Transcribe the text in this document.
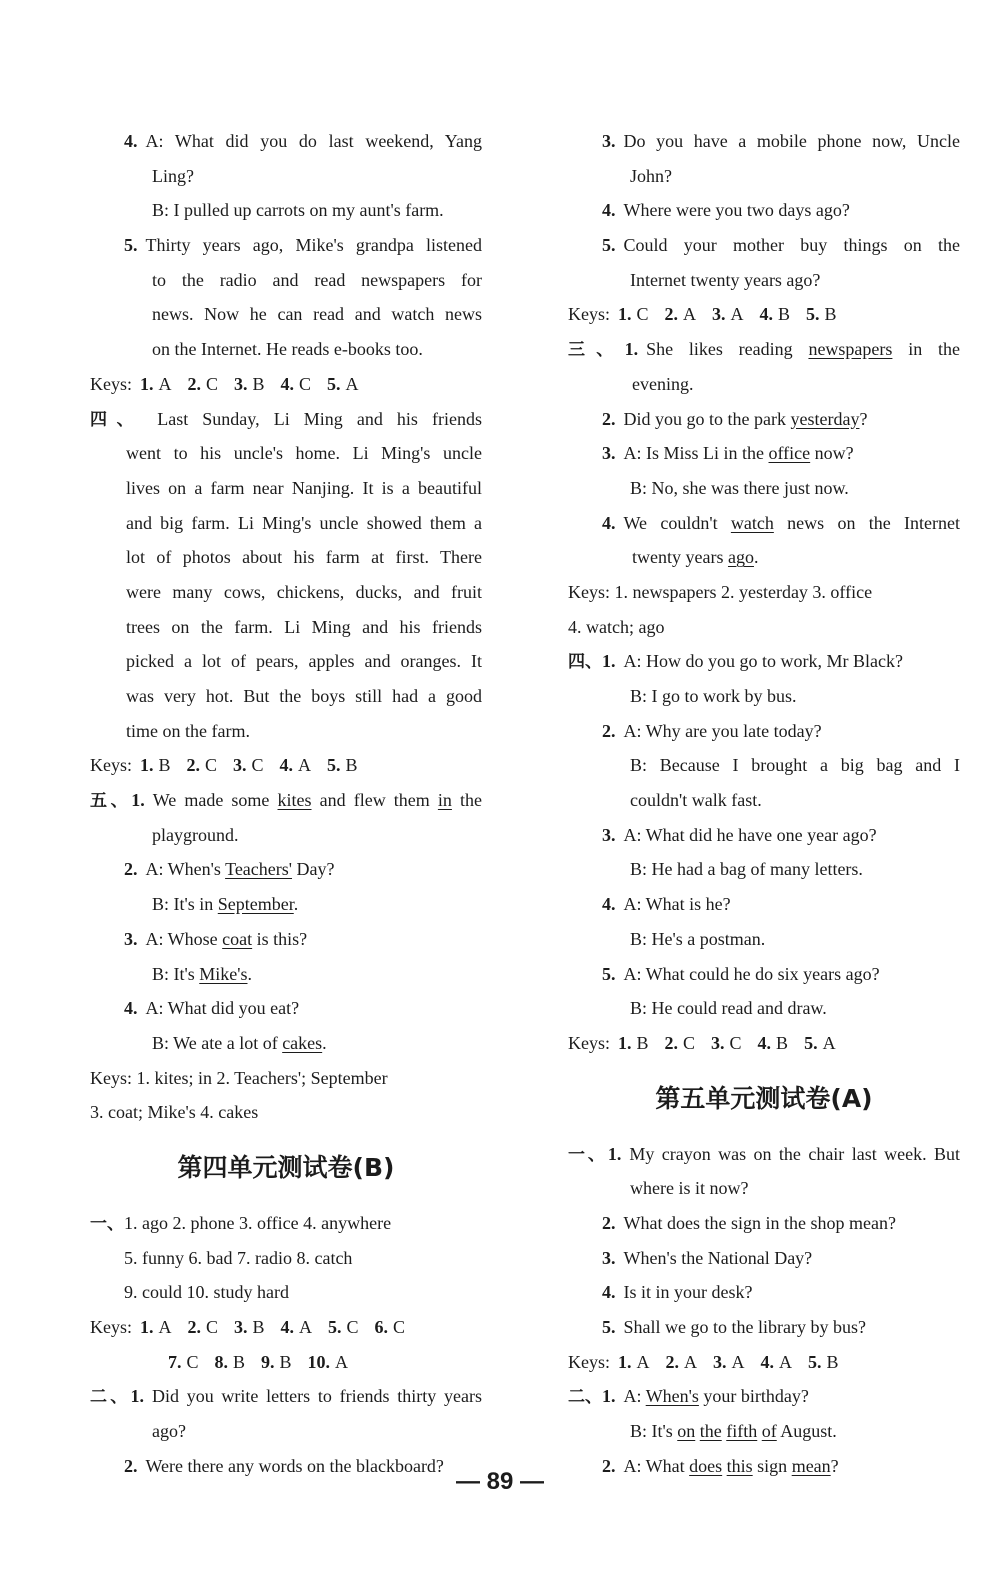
4. A: What did you do last weekend, Yang
Ling?
B: I pulled up carrots on my aunt's farm.
5. Thirty years ago, Mike's grandpa listened
to the radio and read newspapers for
news. Now he can read and watch news
on the Internet. He reads e-books too.
Keys: 1. A 2. C 3. B 4. C 5. A
四、 Last Sunday, Li Ming and his friends
went to his uncle's home. Li Ming's uncle
lives on a farm near Nanjing. It is a beautiful
and big farm. Li Ming's uncle showed them a
lot of photos about his farm at first. There
were many cows, chickens, ducks, and fruit
trees on the farm. Li Ming and his friends
picked a lot of pears, apples and oranges. It
was very hot. But the boys still had a good
time on the farm.
Keys: 1. B 2. C 3. C 4. A 5. B
五、1. We made some kites and flew them in the
playground.
2. A: When's Teachers' Day?
B: It's in September.
3. A: Whose coat is this?
B: It's Mike's.
4. A: What did you eat?
B: We ate a lot of cakes.
Keys: 1. kites; in 2. Teachers'; September
3. coat; Mike's 4. cakes
第四单元测试卷(B)
一、1. ago 2. phone 3. office 4. anywhere
5. funny 6. bad 7. radio 8. catch
9. could 10. study hard
Keys: 1. A 2. C 3. B 4. A 5. C 6. C
7. C 8. B 9. B 10. A
二、1. Did you write letters to friends thirty years
ago?
2. Were there any words on the blackboard?
3. Do you have a mobile phone now, Uncle
John?
4. Where were you two days ago?
5. Could your mother buy things on the
Internet twenty years ago?
Keys: 1. C 2. A 3. A 4. B 5. B
三、1. She likes reading newspapers in the
evening.
2. Did you go to the park yesterday?
3. A: Is Miss Li in the office now?
B: No, she was there just now.
4. We couldn't watch news on the Internet
twenty years ago.
Keys: 1. newspapers 2. yesterday 3. office
4. watch; ago
四、1. A: How do you go to work, Mr Black?
B: I go to work by bus.
2. A: Why are you late today?
B: Because I brought a big bag and I
couldn't walk fast.
3. A: What did he have one year ago?
B: He had a bag of many letters.
4. A: What is he?
B: He's a postman.
5. A: What could he do six years ago?
B: He could read and draw.
Keys: 1. B 2. C 3. C 4. B 5. A
第五单元测试卷(A)
一、1. My crayon was on the chair last week. But
where is it now?
2. What does the sign in the shop mean?
3. When's the National Day?
4. Is it in your desk?
5. Shall we go to the library by bus?
Keys: 1. A 2. A 3. A 4. A 5. B
二、1. A: When's your birthday?
B: It's on the fifth of August.
2. A: What does this sign mean?
— 89 —
